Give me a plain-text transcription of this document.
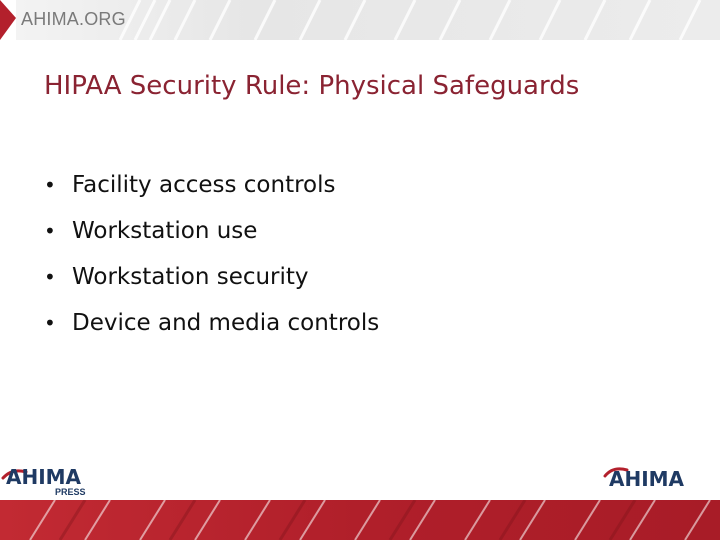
AHIMA.ORG
HIPAA Security Rule: Physical Safeguards
• Facility access controls
• Workstation use
• Workstation security
• Device and media controls
AHIMA
PRESS
AHIMA
